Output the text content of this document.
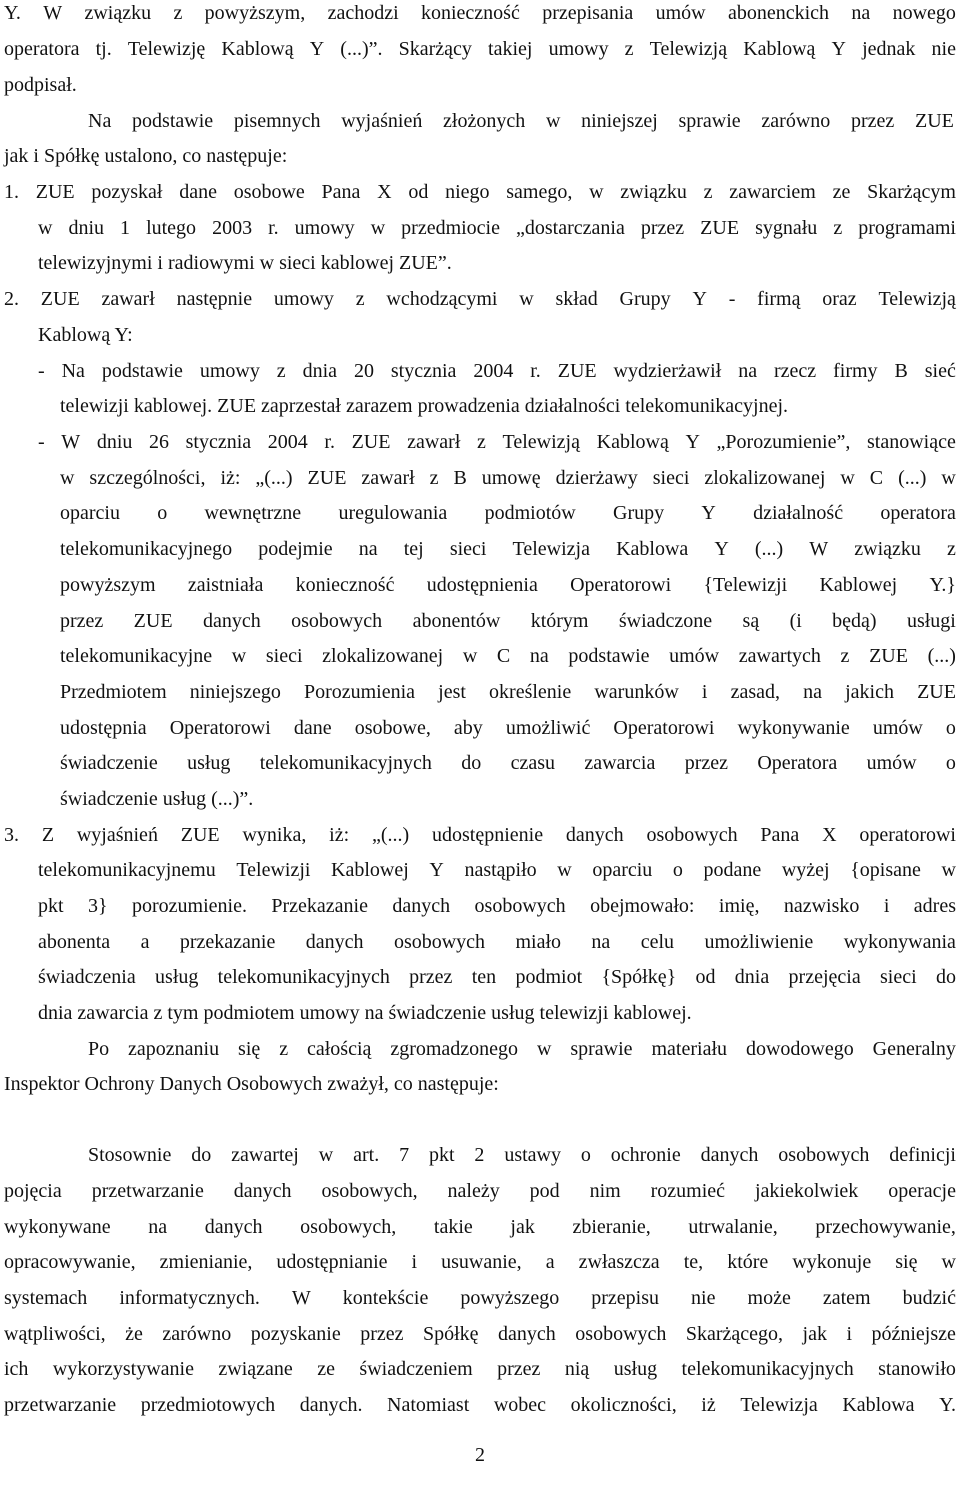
Y. W związku z powyższym, zachodzi konieczność przepisania umów abonenckich na nowego
operatora tj. Telewizję Kablową Y (...)”. Skarżący takiej umowy z Telewizją Kablową Y jednak nie
podpisał.
Na podstawie pisemnych wyjaśnień złożonych w niniejszej sprawie zarówno przez ZUE
jak i Spółkę ustalono, co następuje:
1. ZUE pozyskał dane osobowe Pana X od niego samego, w związku z zawarciem ze Skarżącym
w dniu 1 lutego 2003 r. umowy w przedmiocie „dostarczania przez ZUE sygnału z programami
telewizyjnymi i radiowymi w sieci kablowej ZUE”.
2. ZUE zawarł następnie umowy z wchodzącymi w skład Grupy Y - firmą oraz Telewizją
Kablową Y:
- Na podstawie umowy z dnia 20 stycznia 2004 r. ZUE wydzierżawił na rzecz firmy B sieć
telewizji kablowej. ZUE zaprzestał zarazem prowadzenia działalności telekomunikacyjnej.
- W dniu 26 stycznia 2004 r. ZUE zawarł z Telewizją Kablową Y „Porozumienie”, stanowiące
w szczególności, iż: „(...) ZUE zawarł z B umowę dzierżawy sieci zlokalizowanej w C (...) w
oparciu o wewnętrzne uregulowania podmiotów Grupy Y działalność operatora
telekomunikacyjnego podejmie na tej sieci Telewizja Kablowa Y (...) W związku z
powyższym zaistniała konieczność udostępnienia Operatorowi {Telewizji Kablowej Y.}
przez ZUE danych osobowych abonentów którym świadczone są (i będą) usługi
telekomunikacyjne w sieci zlokalizowanej w C na podstawie umów zawartych z ZUE (...)
Przedmiotem niniejszego Porozumienia jest określenie warunków i zasad, na jakich ZUE
udostępnia Operatorowi dane osobowe, aby umożliwić Operatorowi wykonywanie umów o
świadczenie usług telekomunikacyjnych do czasu zawarcia przez Operatora umów o
świadczenie usług (...)”.
3. Z wyjaśnień ZUE wynika, iż: „(...) udostępnienie danych osobowych Pana X operatorowi
telekomunikacyjnemu Telewizji Kablowej Y nastąpiło w oparciu o podane wyżej {opisane w
pkt 3} porozumienie. Przekazanie danych osobowych obejmowało: imię, nazwisko i adres
abonenta a przekazanie danych osobowych miało na celu umożliwienie wykonywania
świadczenia usług telekomunikacyjnych przez ten podmiot {Spółkę} od dnia przejęcia sieci do
dnia zawarcia z tym podmiotem umowy na świadczenie usług telewizji kablowej.
Po zapoznaniu się z całością zgromadzonego w sprawie materiału dowodowego Generalny
Inspektor Ochrony Danych Osobowych zważył, co następuje:
Stosownie do zawartej w art. 7 pkt 2 ustawy o ochronie danych osobowych definicji
pojęcia przetwarzanie danych osobowych, należy pod nim rozumieć jakiekolwiek operacje
wykonywane na danych osobowych, takie jak zbieranie, utrwalanie, przechowywanie,
opracowywanie, zmienianie, udostępnianie i usuwanie, a zwłaszcza te, które wykonuje się w
systemach informatycznych. W kontekście powyższego przepisu nie może zatem budzić
wątpliwości, że zarówno pozyskanie przez Spółkę danych osobowych Skarżącego, jak i późniejsze
ich wykorzystywanie związane ze świadczeniem przez nią usług telekomunikacyjnych stanowiło
przetwarzanie przedmiotowych danych. Natomiast wobec okoliczności, iż Telewizja Kablowa Y.
2
